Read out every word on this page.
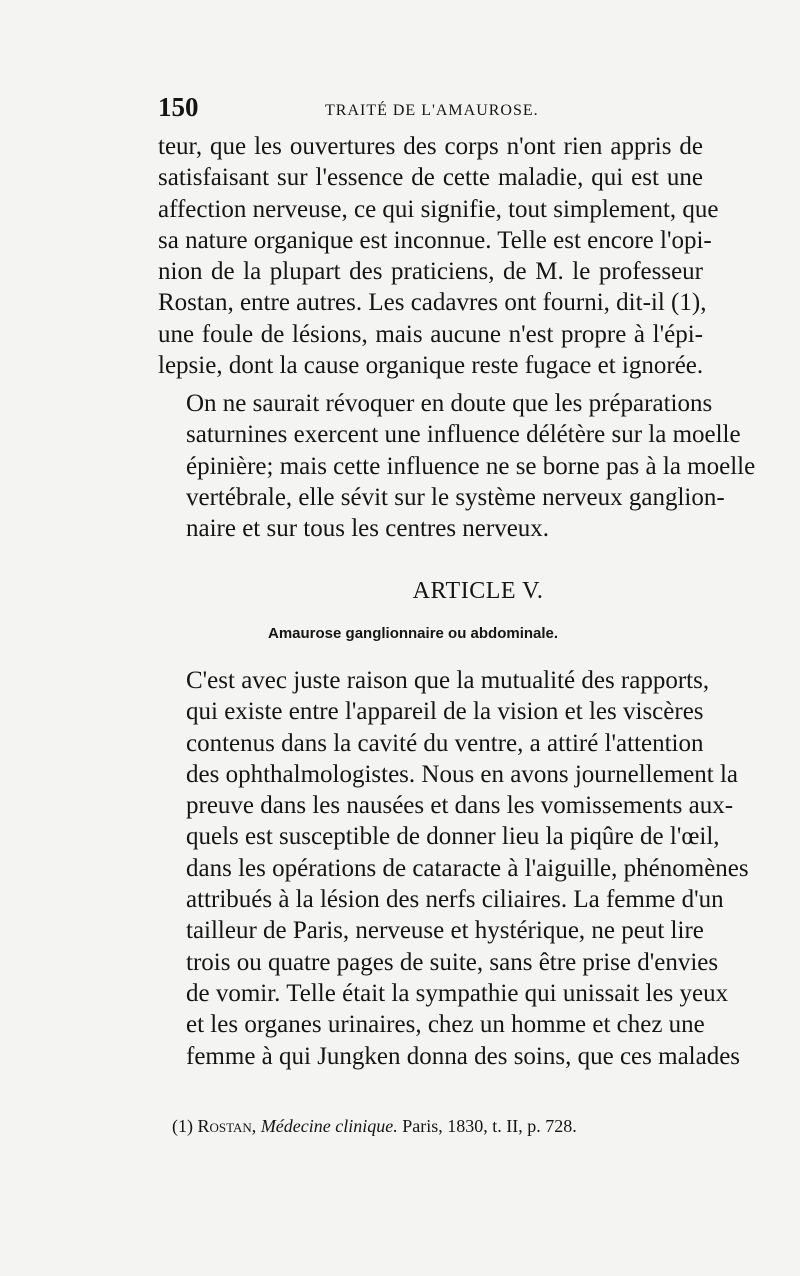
150	TRAITÉ DE L'AMAUROSE.
teur, que les ouvertures des corps n'ont rien appris de
satisfaisant sur l'essence de cette maladie, qui est une
affection nerveuse, ce qui signifie, tout simplement, que
sa nature organique est inconnue. Telle est encore l'opi-
nion de la plupart des praticiens, de M. le professeur
Rostan, entre autres. Les cadavres ont fourni, dit-il (1),
une foule de lésions, mais aucune n'est propre à l'épi-
lepsie, dont la cause organique reste fugace et ignorée.
On ne saurait révoquer en doute que les préparations
saturnines exercent une influence délétère sur la moelle
épinière; mais cette influence ne se borne pas à la moelle
vertébrale, elle sévit sur le système nerveux ganglion-
naire et sur tous les centres nerveux.
ARTICLE V.
Amaurose ganglionnaire ou abdominale.
C'est avec juste raison que la mutualité des rapports,
qui existe entre l'appareil de la vision et les viscères
contenus dans la cavité du ventre, a attiré l'attention
des ophthalmologistes. Nous en avons journellement la
preuve dans les nausées et dans les vomissements aux-
quels est susceptible de donner lieu la piqûre de l'œil,
dans les opérations de cataracte à l'aiguille, phénomènes
attribués à la lésion des nerfs ciliaires. La femme d'un
tailleur de Paris, nerveuse et hystérique, ne peut lire
trois ou quatre pages de suite, sans être prise d'envies
de vomir. Telle était la sympathie qui unissait les yeux
et les organes urinaires, chez un homme et chez une
femme à qui Jungken donna des soins, que ces malades
(1) Rostan, Médecine clinique. Paris, 1830, t. II, p. 728.
